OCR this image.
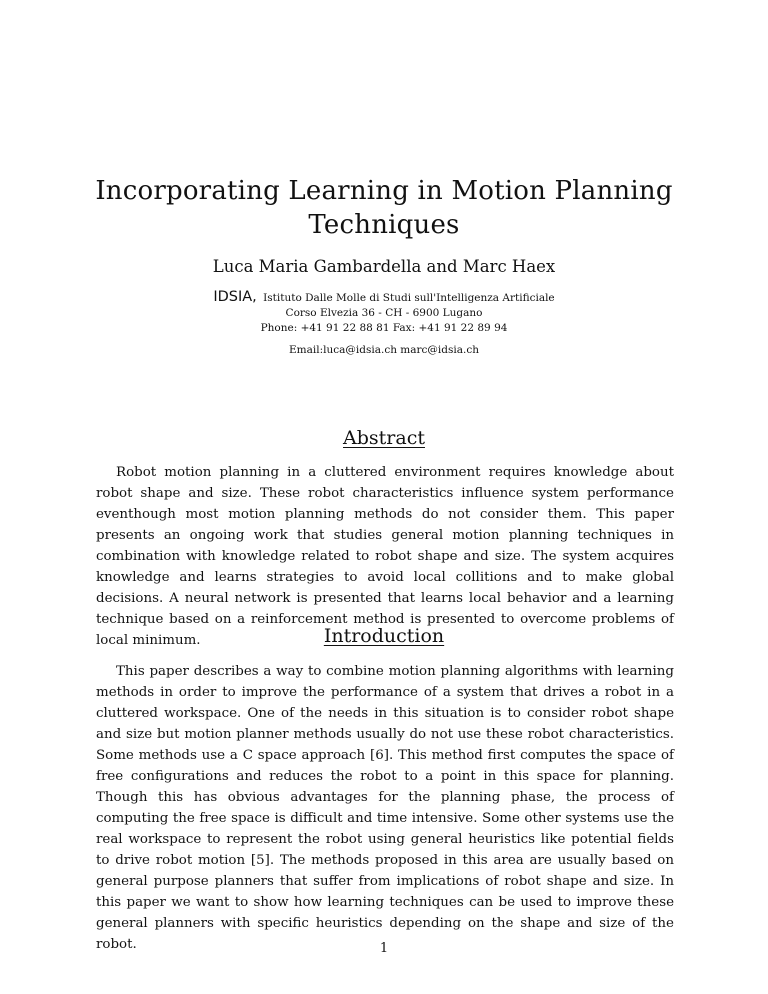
Incorporating Learning in Motion Planning Techniques
Luca Maria Gambardella and Marc Haex
IDSIA, Istituto Dalle Molle di Studi sull'Intelligenza Artificiale
Corso Elvezia 36 - CH - 6900 Lugano
Phone: +41 91 22 88 81 Fax: +41 91 22 89 94
Email:luca@idsia.ch marc@idsia.ch
Abstract

Robot motion planning in a cluttered environment requires knowledge about robot shape and size. These robot characteristics influence system performance eventhough most motion planning methods do not consider them. This paper presents an ongoing work that studies general motion planning techniques in combination with knowledge related to robot shape and size. The system acquires knowledge and learns strategies to avoid local collitions and to make global decisions. A neural network is presented that learns local behavior and a learning technique based on a reinforcement method is presented to overcome problems of local minimum.	Introduction

This paper describes a way to combine motion planning algorithms with learning methods in order to improve the performance of a system that drives a robot in a cluttered workspace. One of the needs in this situation is to consider robot shape and size but motion planner methods usually do not use these robot characteristics. Some methods use a C space approach [6]. This method first computes the space of free configurations and reduces the robot to a point in this space for planning. Though this has obvious advantages for the planning phase, the process of computing the free space is difficult and time intensive. Some other systems use the real workspace to represent the robot using general heuristics like potential fields to drive robot motion [5]. The methods proposed in this area are usually based on general purpose planners that suffer from implications of robot shape and size. In this paper we want to show how learning techniques can be used to improve these general planners with specific heuristics depending on the shape and size of the robot.	1
